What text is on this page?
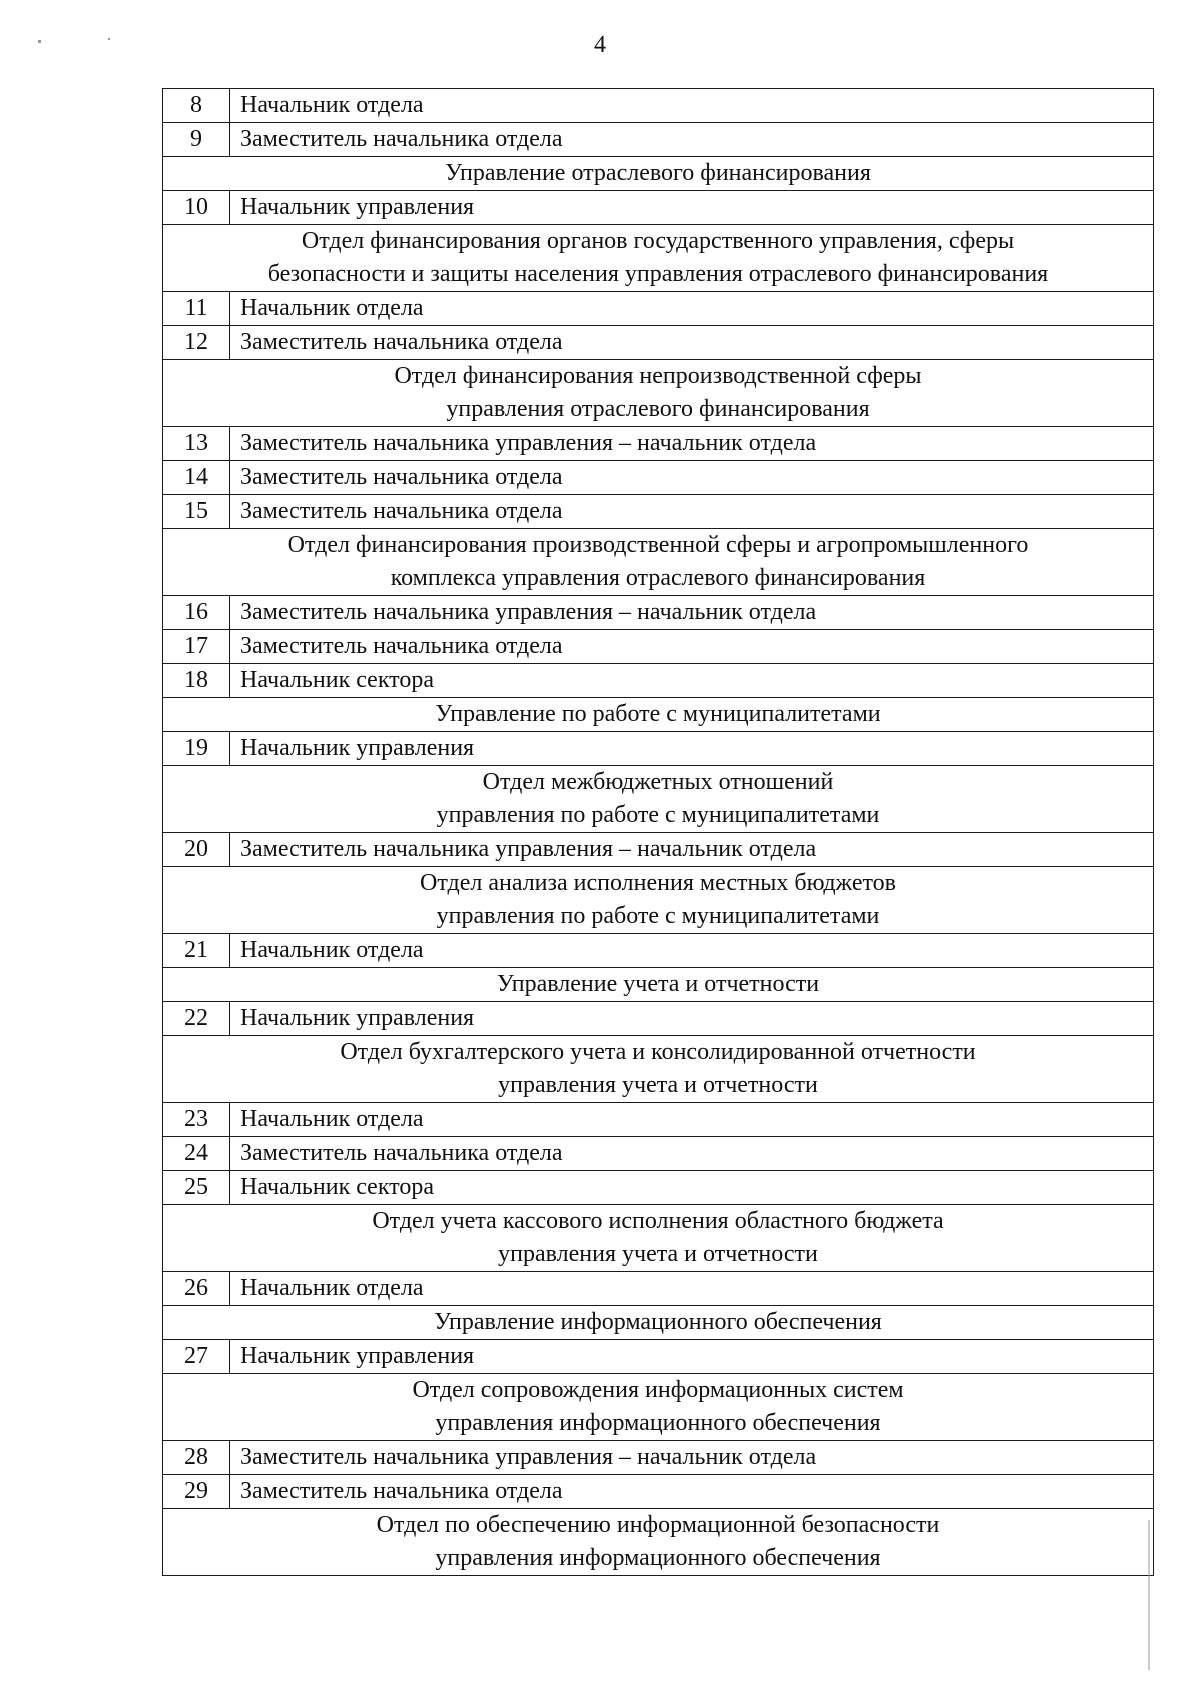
4
8	Начальник отдела
9	Заместитель начальника отдела

Управление отраслевого финансирования	

10	Начальник управления

Отдел финансирования органов государственного управления, сферы
безопасности и защиты населения управления отраслевого финансирования	

11	Начальник отдела
12	Заместитель начальника отдела

Отдел финансирования непроизводственной сферы
управления отраслевого финансирования	

13	Заместитель начальника управления – начальник отдела
14	Заместитель начальника отдела
15	Заместитель начальника отдела

Отдел финансирования производственной сферы и агропромышленного
комплекса управления отраслевого финансирования	

16	Заместитель начальника управления – начальник отдела
17	Заместитель начальника отдела
18	Начальник сектора

Управление по работе с муниципалитетами	

19	Начальник управления

Отдел межбюджетных отношений
управления по работе с муниципалитетами	

20	Заместитель начальника управления – начальник отдела

Отдел анализа исполнения местных бюджетов
управления по работе с муниципалитетами	

21	Начальник отдела

Управление учета и отчетности	

22	Начальник управления

Отдел бухгалтерского учета и консолидированной отчетности
управления учета и отчетности	

23	Начальник отдела
24	Заместитель начальника отдела
25	Начальник сектора

Отдел учета кассового исполнения областного бюджета
управления учета и отчетности	

26	Начальник отдела

Управление информационного обеспечения	

27	Начальник управления

Отдел сопровождения информационных систем
управления информационного обеспечения	

28	Заместитель начальника управления – начальник отдела
29	Заместитель начальника отдела

Отдел по обеспечению информационной безопасности
управления информационного обеспечения	
